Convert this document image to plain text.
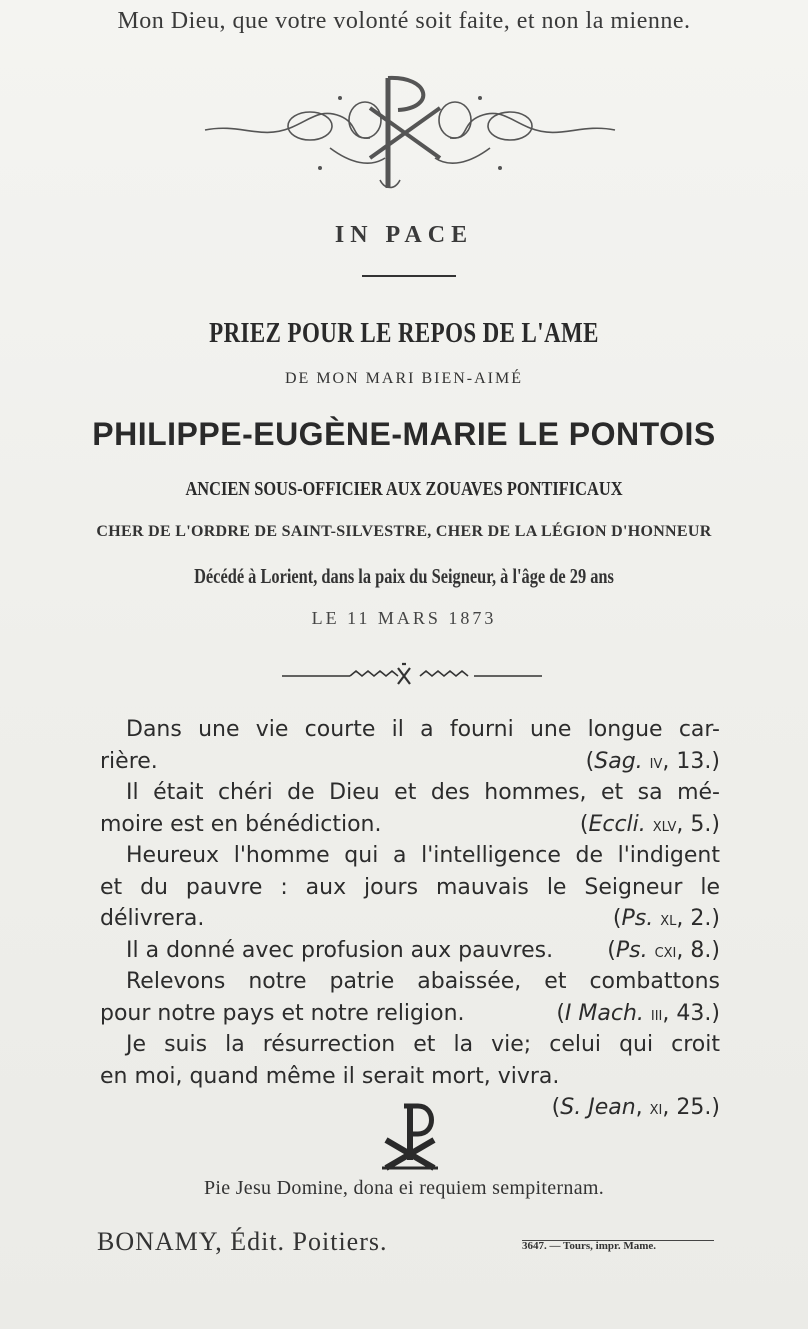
Mon Dieu, que votre volonté soit faite, et non la mienne.
IN PACE
PRIEZ POUR LE REPOS DE L'AME
DE MON MARI BIEN-AIMÉ
PHILIPPE-EUGÈNE-MARIE LE PONTOIS
ANCIEN SOUS-OFFICIER AUX ZOUAVES PONTIFICAUX
CHER DE L'ORDRE DE SAINT-SILVESTRE, CHER DE LA LÉGION D'HONNEUR
Décédé à Lorient, dans la paix du Seigneur, à l'âge de 29 ans
LE 11 MARS 1873
Dans une vie courte il a fourni une longue car-
rière.	(Sag. iv, 13.)
Il était chéri de Dieu et des hommes, et sa mé-
moire est en bénédiction.	(Eccli. xlv, 5.)
Heureux l'homme qui a l'intelligence de l'indigent
et du pauvre : aux jours mauvais le Seigneur le
délivrera.	(Ps. xl, 2.)
Il a donné avec profusion aux pauvres. (Ps. cxi, 8.)
Relevons notre patrie abaissée, et combattons
pour notre pays et notre religion.	(I Mach. iii, 43.)
Je suis la résurrection et la vie; celui qui croit
en moi, quand même il serait mort, vivra.
(S. Jean, xi, 25.)
Pie Jesu Domine, dona ei requiem sempiternam.
BONAMY, Édit. Poitiers.	3647. — Tours, impr. Mame.
